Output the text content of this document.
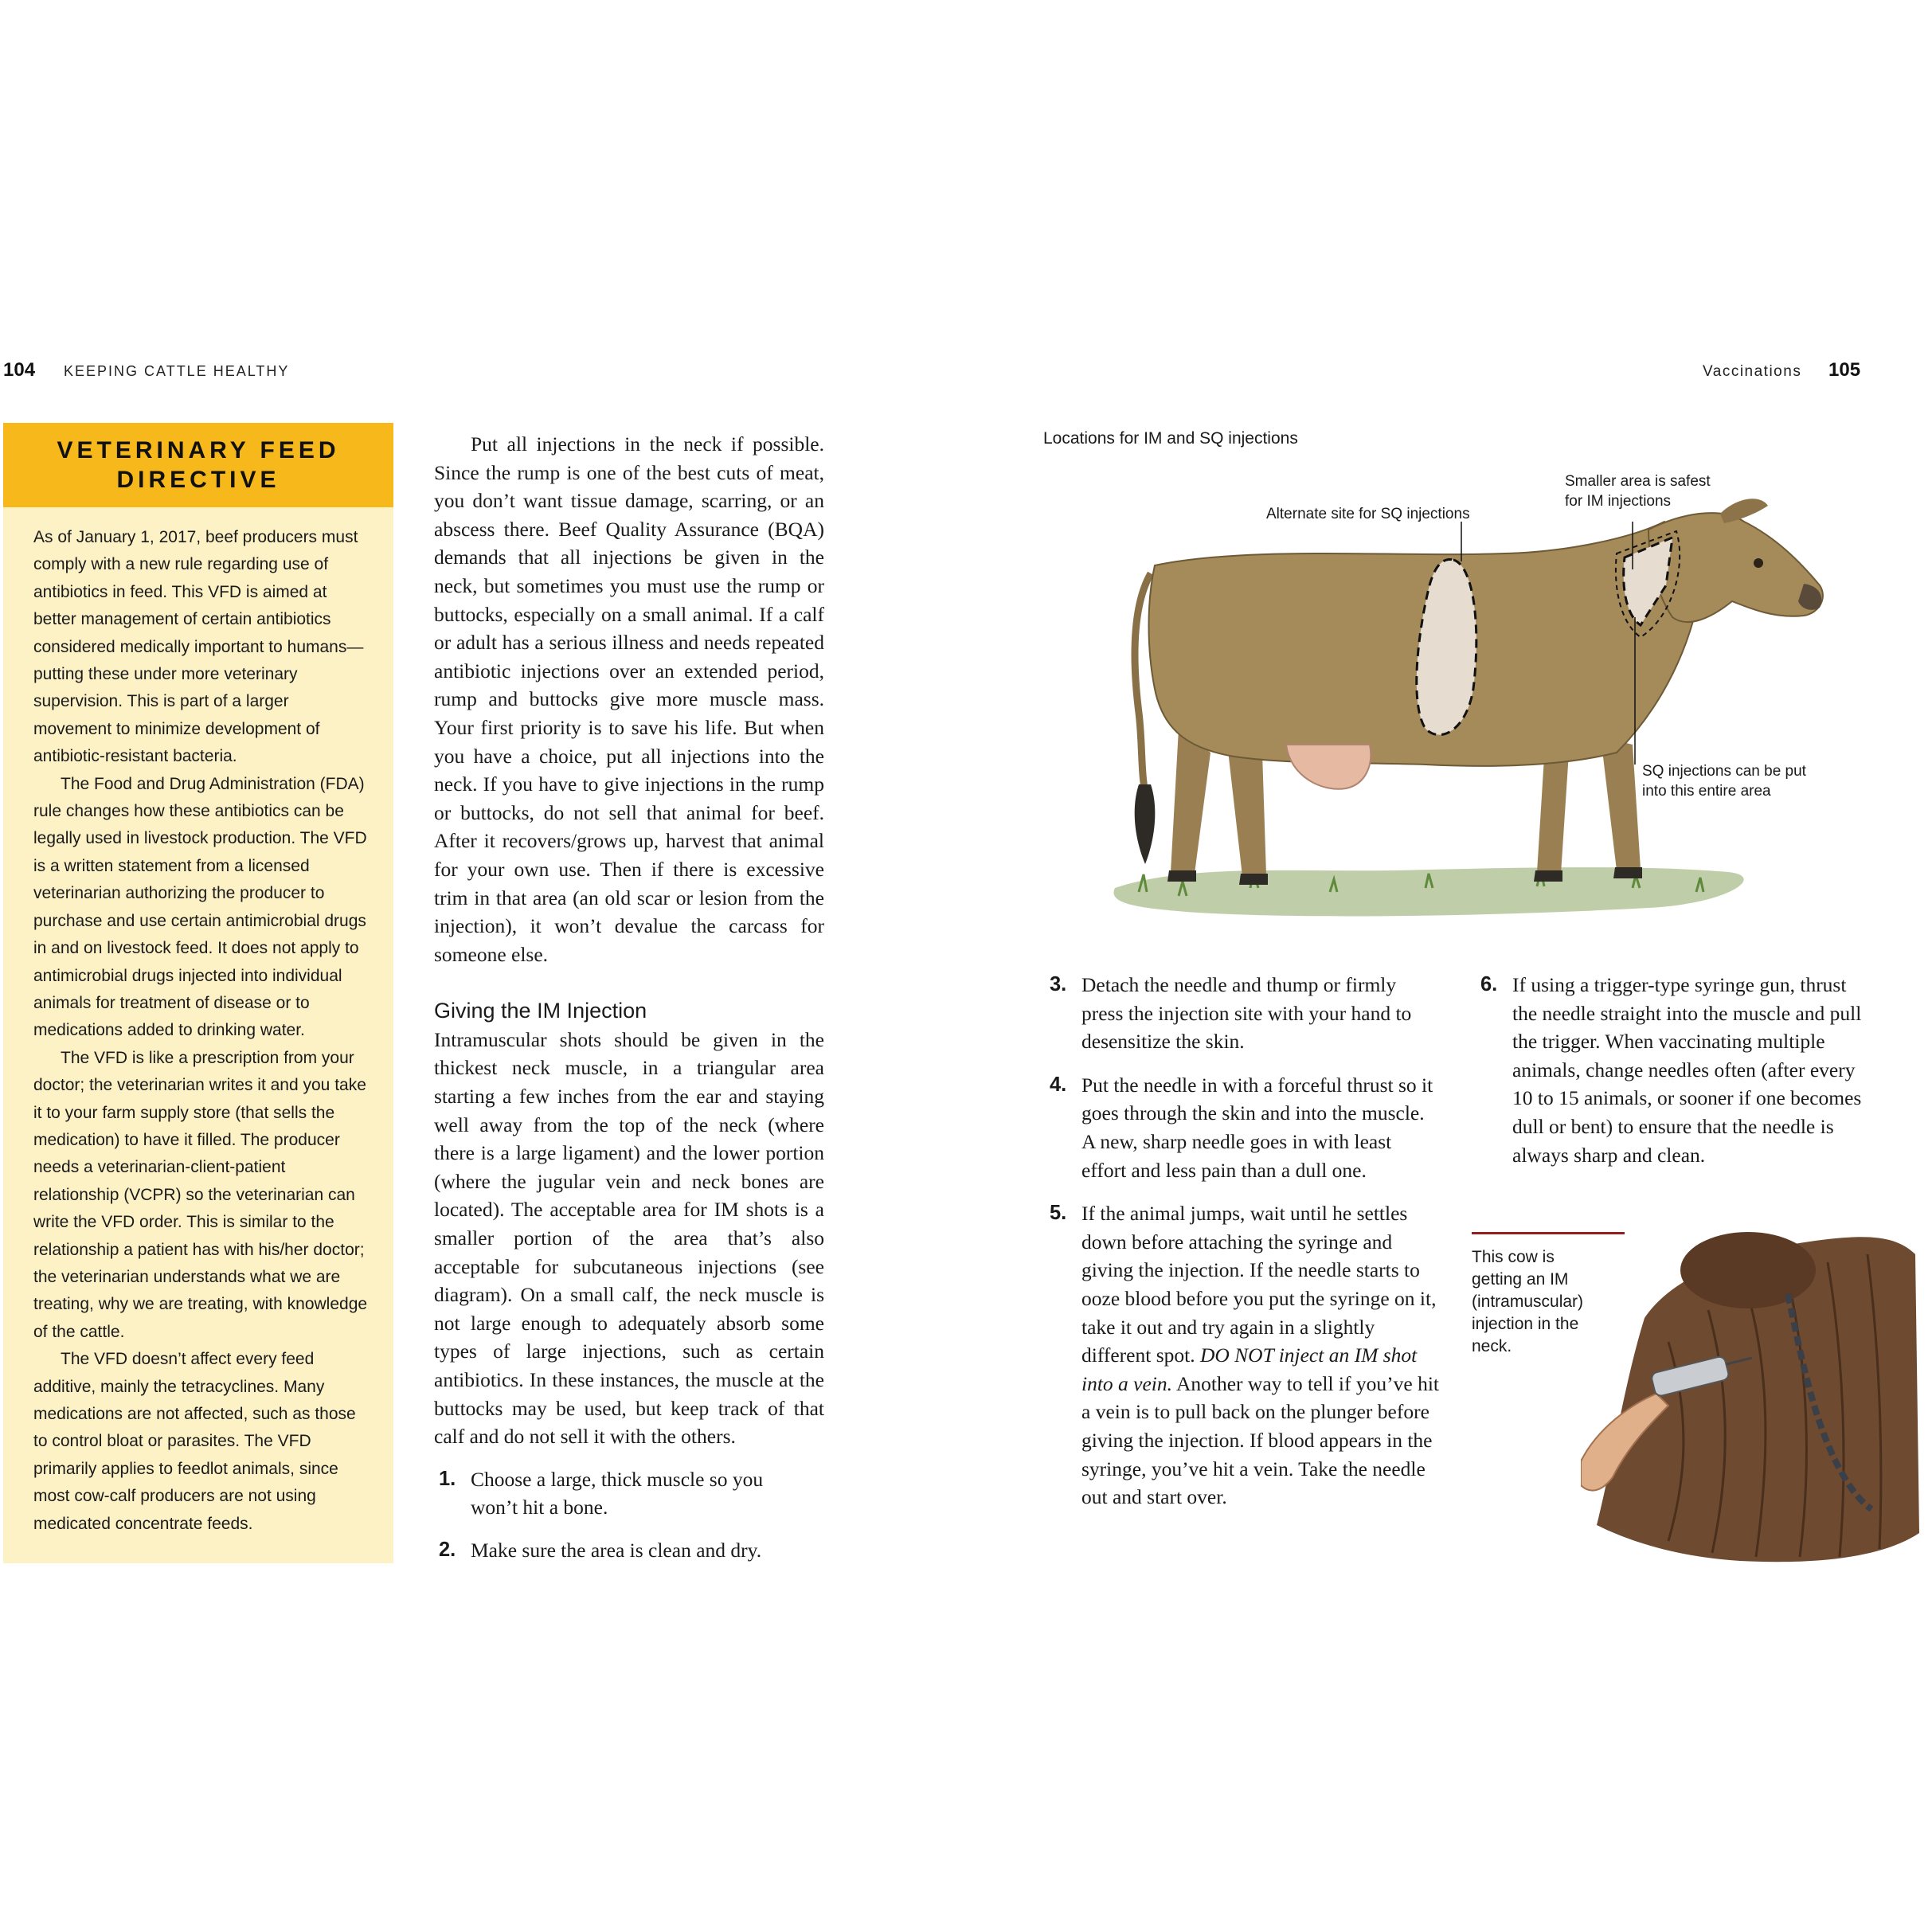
104 KEEPING CATTLE HEALTHY	Vaccinations 105
VETERINARY FEED
DIRECTIVE

As of January 1, 2017, beef producers must comply with a new rule regarding use of antibiotics in feed. This VFD is aimed at better management of certain antibiotics considered medically important to humans—putting these under more veterinary supervision. This is part of a larger movement to minimize development of antibiotic-resistant bacteria.

The Food and Drug Administration (FDA) rule changes how these antibiotics can be legally used in livestock production. The VFD is a written statement from a licensed veterinarian authorizing the producer to purchase and use certain antimicrobial drugs in and on livestock feed. It does not apply to antimicrobial drugs injected into individual animals for treatment of disease or to medications added to drinking water.

The VFD is like a prescription from your doctor; the veterinarian writes it and you take it to your farm supply store (that sells the medication) to have it filled. The producer needs a veterinarian-client-patient relationship (VCPR) so the veterinarian can write the VFD order. This is similar to the relationship a patient has with his/her doctor; the veterinarian understands what we are treating, why we are treating, with knowledge of the cattle.

The VFD doesn’t affect every feed additive, mainly the tetracyclines. Many medications are not affected, such as those to control bloat or parasites. The VFD primarily applies to feedlot animals, since most cow-calf producers are not using medicated concentrate feeds.

Put all injections in the neck if possible. Since the rump is one of the best cuts of meat, you don’t want tissue damage, scarring, or an abscess there. Beef Quality Assurance (BQA) demands that all injections be given in the neck, but sometimes you must use the rump or buttocks, especially on a small animal. If a calf or adult has a serious illness and needs repeated antibiotic injections over an extended period, rump and buttocks give more muscle mass. Your first priority is to save his life. But when you have a choice, put all injections into the neck. If you have to give injections in the rump or buttocks, do not sell that animal for beef. After it recovers/grows up, harvest that animal for your own use. Then if there is excessive trim in that area (an old scar or lesion from the injection), it won’t devalue the carcass for someone else.

Giving the IM Injection

Intramuscular shots should be given in the thickest neck muscle, in a triangular area starting a few inches from the ear and staying well away from the top of the neck (where there is a large ligament) and the lower portion (where the jugular vein and neck bones are located). The acceptable area for IM shots is a smaller portion of the area that’s also acceptable for subcutaneous injections (see diagram). On a small calf, the neck muscle is not large enough to adequately absorb some types of large injections, such as certain antibiotics. In these instances, the muscle at the buttocks may be used, but keep track of that calf and do not sell it with the others.

1. Choose a large, thick muscle so you won’t hit a bone.
2. Make sure the area is clean and dry.
Locations for IM and SQ injections
Alternate site for SQ injections
Smaller area is safest
for IM injections
SQ injections can be put
into this entire area
3. Detach the needle and thump or firmly press the injection site with your hand to desensitize the skin.
4. Put the needle in with a forceful thrust so it goes through the skin and into the muscle. A new, sharp needle goes in with least effort and less pain than a dull one.
5. If the animal jumps, wait until he settles down before attaching the syringe and giving the injection. If the needle starts to ooze blood before you put the syringe on it, take it out and try again in a slightly different spot. DO NOT inject an IM shot into a vein. Another way to tell if you’ve hit a vein is to pull back on the plunger before giving the injection. If blood appears in the syringe, you’ve hit a vein. Take the needle out and start over.
6. If using a trigger-type syringe gun, thrust the needle straight into the muscle and pull the trigger. When vaccinating multiple animals, change needles often (after every 10 to 15 animals, or sooner if one becomes dull or bent) to ensure that the needle is always sharp and clean.
This cow is getting an IM (intramuscular) injection in the neck.
